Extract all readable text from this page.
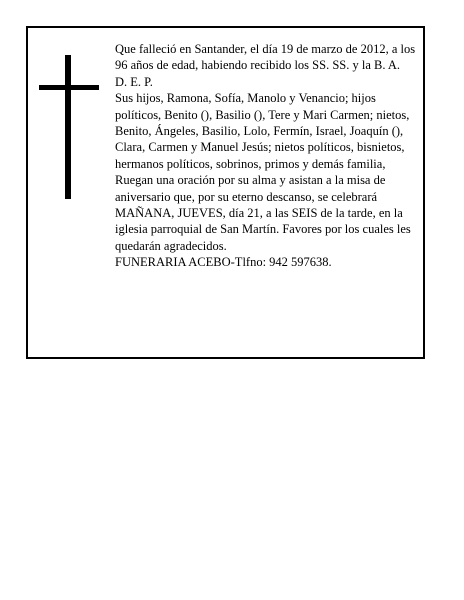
Que falleció en Santander, el día 19 de marzo de 2012, a los 96 años de edad, habiendo recibido los SS. SS. y la B. A.

D. E. P.

Sus hijos, Ramona, Sofía, Manolo y Venancio; hijos políticos, Benito (), Basilio (), Tere y Mari Carmen; nietos, Benito, Ángeles, Basilio, Lolo, Fermín, Israel, Joaquín (), Clara, Carmen y Manuel Jesús; nietos políticos, bisnietos, hermanos políticos, sobrinos, primos y demás familia,

Ruegan una oración por su alma y asistan a la misa de aniversario que, por su eterno descanso, se celebrará MAÑANA, JUEVES, día 21, a las SEIS de la tarde, en la iglesia parroquial de San Martín. Favores por los cuales les quedarán agradecidos.

FUNERARIA ACEBO-Tlfno: 942 597638.
